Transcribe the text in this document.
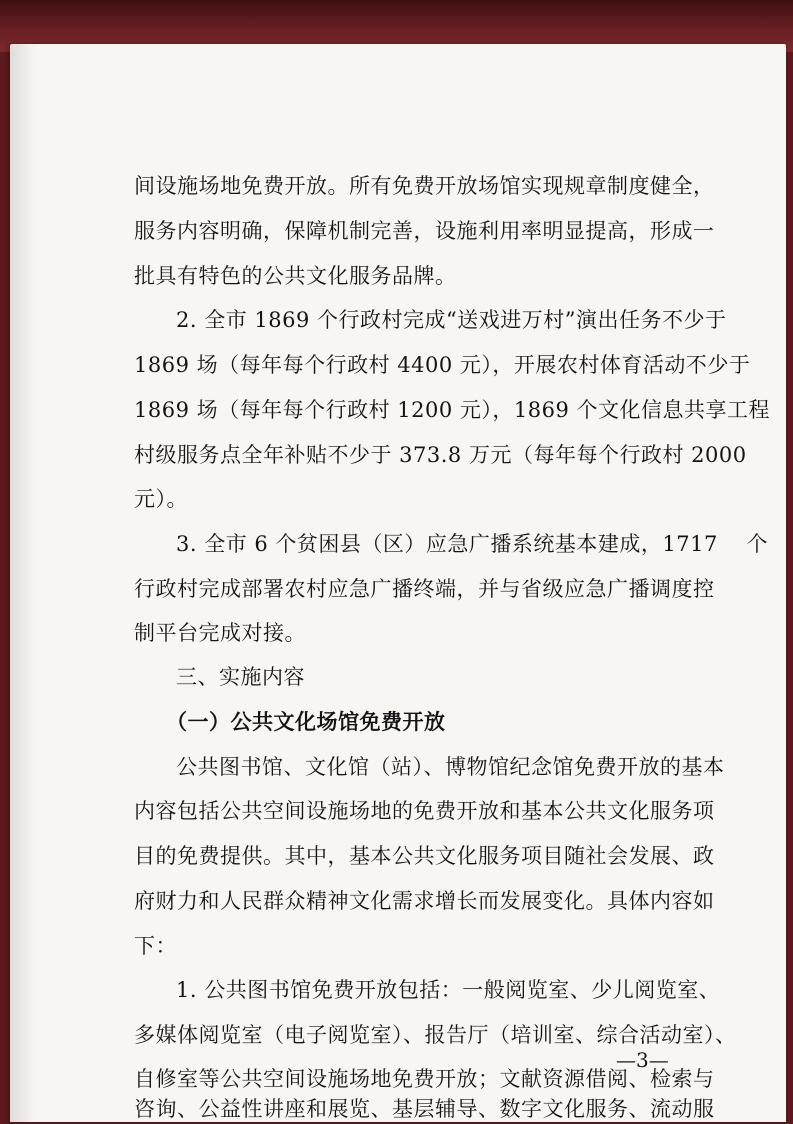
间设施场地免费开放。所有免费开放场馆实现规章制度健全，

服务内容明确，保障机制完善，设施利用率明显提高，形成一

批具有特色的公共文化服务品牌。

2. 全市 1869 个行政村完成“送戏进万村”演出任务不少于

1869 场（每年每个行政村 4400 元），开展农村体育活动不少于

1869 场（每年每个行政村 1200 元），1869 个文化信息共享工程

村级服务点全年补贴不少于 373.8 万元（每年每个行政村 2000

元）。

3. 全市 6 个贫困县（区）应急广播系统基本建成，1717　 个

行政村完成部署农村应急广播终端，并与省级应急广播调度控

制平台完成对接。

三、实施内容

（一）公共文化场馆免费开放

公共图书馆、文化馆（站）、博物馆纪念馆免费开放的基本

内容包括公共空间设施场地的免费开放和基本公共文化服务项

目的免费提供。其中，基本公共文化服务项目随社会发展、政

府财力和人民群众精神文化需求增长而发展变化。具体内容如

下：

1. 公共图书馆免费开放包括：一般阅览室、少儿阅览室、

多媒体阅览室（电子阅览室）、报告厅（培训室、综合活动室）、

自修室等公共空间设施场地免费开放；文献资源借阅、检索与

咨询、公益性讲座和展览、基层辅导、数字文化服务、流动服

—3—
